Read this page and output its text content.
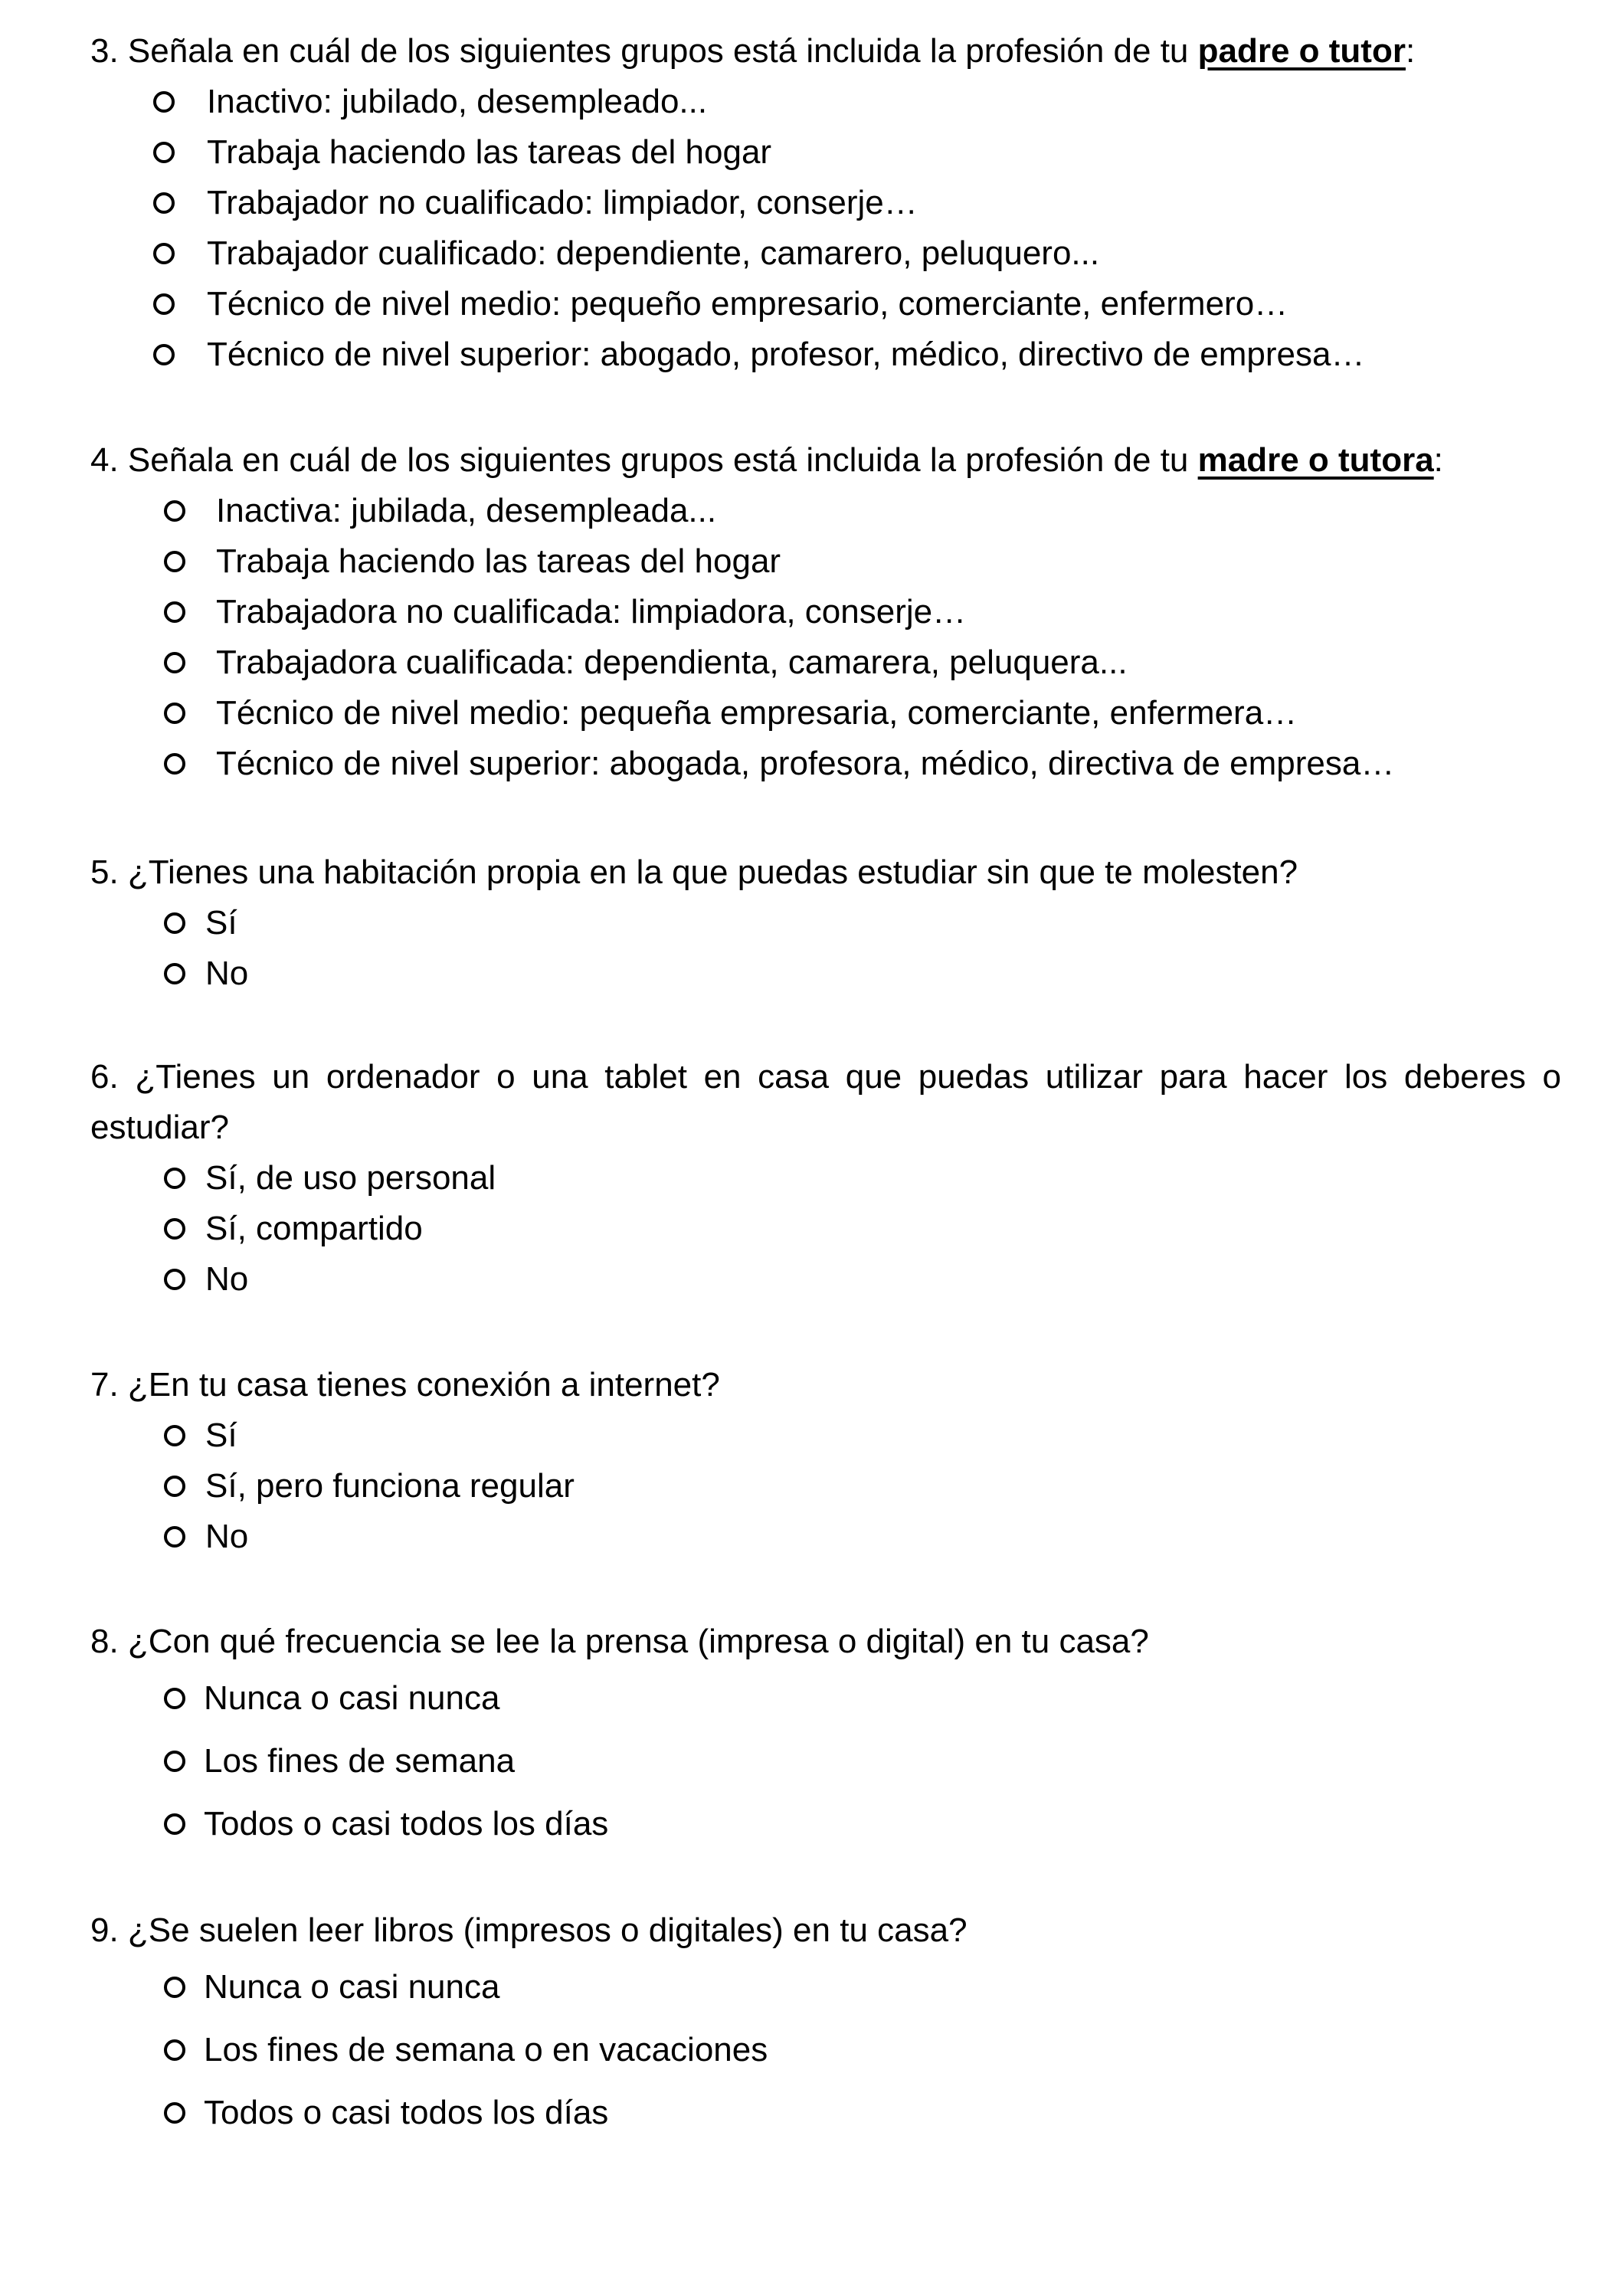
3. Señala en cuál de los siguientes grupos está incluida la profesión de tu padre o tutor:
Inactivo: jubilado, desempleado...
Trabaja haciendo las tareas del hogar
Trabajador no cualificado: limpiador, conserje…
Trabajador cualificado: dependiente, camarero, peluquero...
Técnico de nivel medio: pequeño empresario, comerciante, enfermero…
Técnico de nivel superior: abogado, profesor, médico, directivo de empresa…
4. Señala en cuál de los siguientes grupos está incluida la profesión de tu madre o tutora:
Inactiva: jubilada, desempleada...
Trabaja haciendo las tareas del hogar
Trabajadora no cualificada: limpiadora, conserje…
Trabajadora cualificada: dependienta, camarera, peluquera...
Técnico de nivel medio: pequeña empresaria, comerciante, enfermera…
Técnico de nivel superior: abogada, profesora, médico, directiva de empresa…
5. ¿Tienes una habitación propia en la que puedas estudiar sin que te molesten?
Sí
No
6. ¿Tienes un ordenador o una tablet en casa que puedas utilizar para hacer los deberes o estudiar?
Sí, de uso personal
Sí, compartido
No
7. ¿En tu casa tienes conexión a internet?
Sí
Sí, pero funciona regular
No
8. ¿Con qué frecuencia se lee la prensa (impresa o digital) en tu casa?
Nunca o casi nunca
Los fines de semana
Todos o casi todos los días
9. ¿Se suelen leer libros (impresos o digitales) en tu casa?
Nunca o casi nunca
Los fines de semana o en vacaciones
Todos o casi todos los días
